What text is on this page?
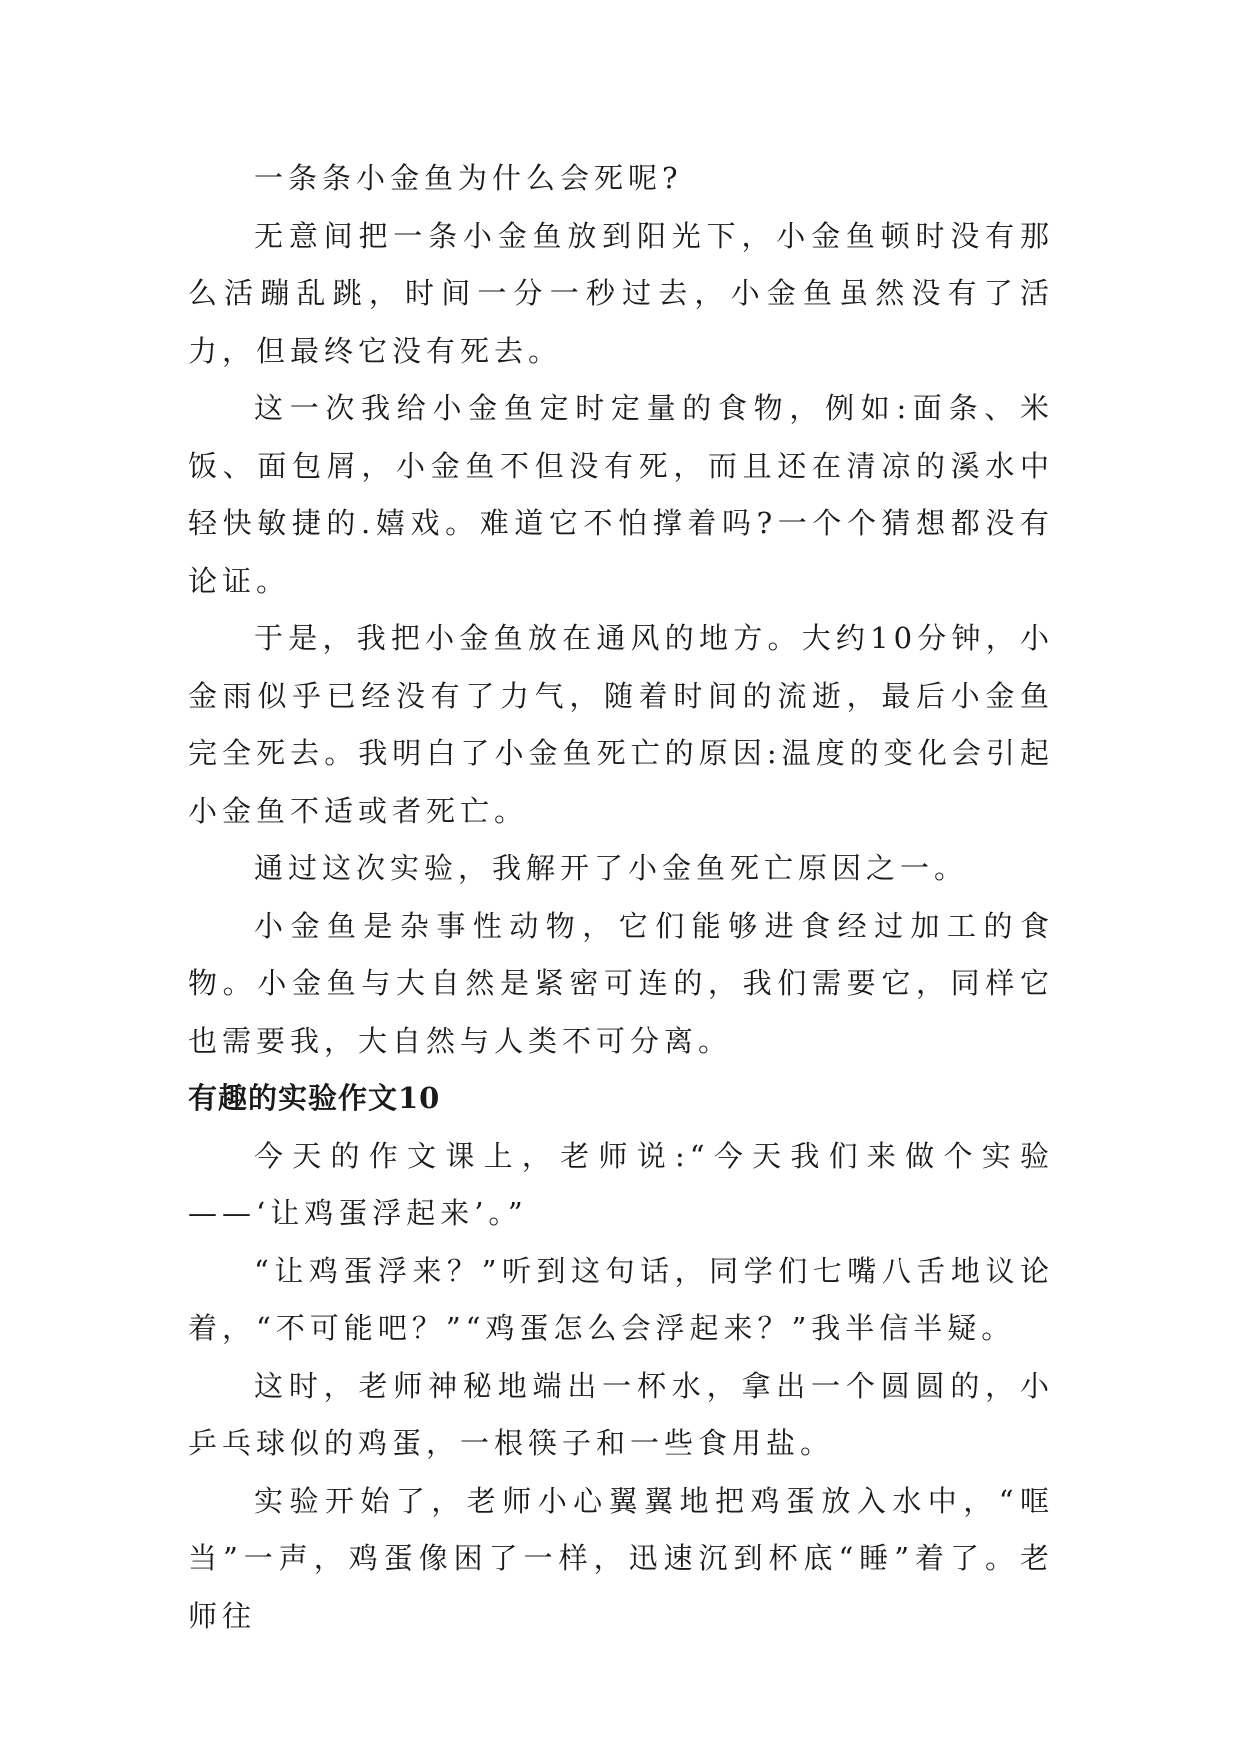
一条条小金鱼为什么会死呢?

无意间把一条小金鱼放到阳光下，小金鱼顿时没有那么活蹦乱跳，时间一分一秒过去，小金鱼虽然没有了活力，但最终它没有死去。

这一次我给小金鱼定时定量的食物，例如:面条、米饭、面包屑，小金鱼不但没有死，而且还在清凉的溪水中轻快敏捷的.嬉戏。难道它不怕撑着吗?一个个猜想都没有论证。

于是，我把小金鱼放在通风的地方。大约10分钟，小金雨似乎已经没有了力气，随着时间的流逝，最后小金鱼完全死去。我明白了小金鱼死亡的原因:温度的变化会引起小金鱼不适或者死亡。

通过这次实验，我解开了小金鱼死亡原因之一。

小金鱼是杂事性动物，它们能够进食经过加工的食物。小金鱼与大自然是紧密可连的，我们需要它，同样它也需要我，大自然与人类不可分离。

有趣的实验作文10

今天的作文课上，老师说:“今天我们来做个实验——‘让鸡蛋浮起来’。”

“让鸡蛋浮来？”听到这句话，同学们七嘴八舌地议论着，“不可能吧？”“鸡蛋怎么会浮起来？”我半信半疑。

这时，老师神秘地端出一杯水，拿出一个圆圆的，小乒乓球似的鸡蛋，一根筷子和一些食用盐。

实验开始了，老师小心翼翼地把鸡蛋放入水中，“哐当”一声，鸡蛋像困了一样，迅速沉到杯底“睡”着了。老师往
